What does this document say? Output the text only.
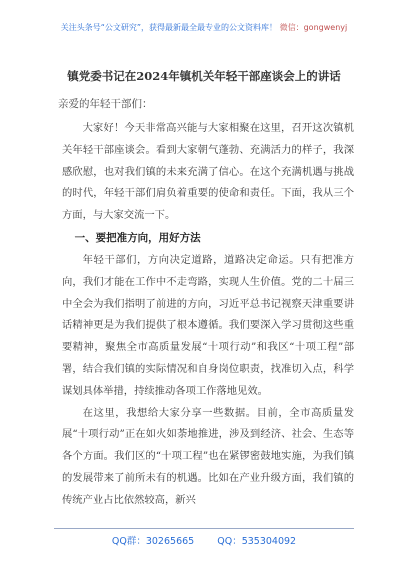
关注头条号“公文研究”，获得最新最全最专业的公文资料库！ 微信：gongwenyj
镇党委书记在2024年镇机关年轻干部座谈会上的讲话
亲爱的年轻干部们：

大家好！今天非常高兴能与大家相聚在这里，召开这次镇机关年轻干部座谈会。看到大家朝气蓬勃、充满活力的样子，我深感欣慰，也对我们镇的未来充满了信心。在这个充满机遇与挑战的时代，年轻干部们肩负着重要的使命和责任。下面，我从三个方面，与大家交流一下。

一、要把准方向，用好方法

年轻干部们，方向决定道路，道路决定命运。只有把准方向，我们才能在工作中不走弯路，实现人生价值。党的二十届三中全会为我们指明了前进的方向，习近平总书记视察天津重要讲话精神更是为我们提供了根本遵循。我们要深入学习贯彻这些重要精神，聚焦全市高质量发展“十项行动”和我区“十项工程”部署，结合我们镇的实际情况和自身岗位职责，找准切入点，科学谋划具体举措，持续推动各项工作落地见效。

在这里，我想给大家分享一些数据。目前，全市高质量发展“十项行动”正在如火如荼地推进，涉及到经济、社会、生态等各个方面。我们区的“十项工程”也在紧锣密鼓地实施，为我们镇的发展带来了前所未有的机遇。比如在产业升级方面，我们镇的传统产业占比依然较高，新兴

QQ群：30265665 QQ：535304092
